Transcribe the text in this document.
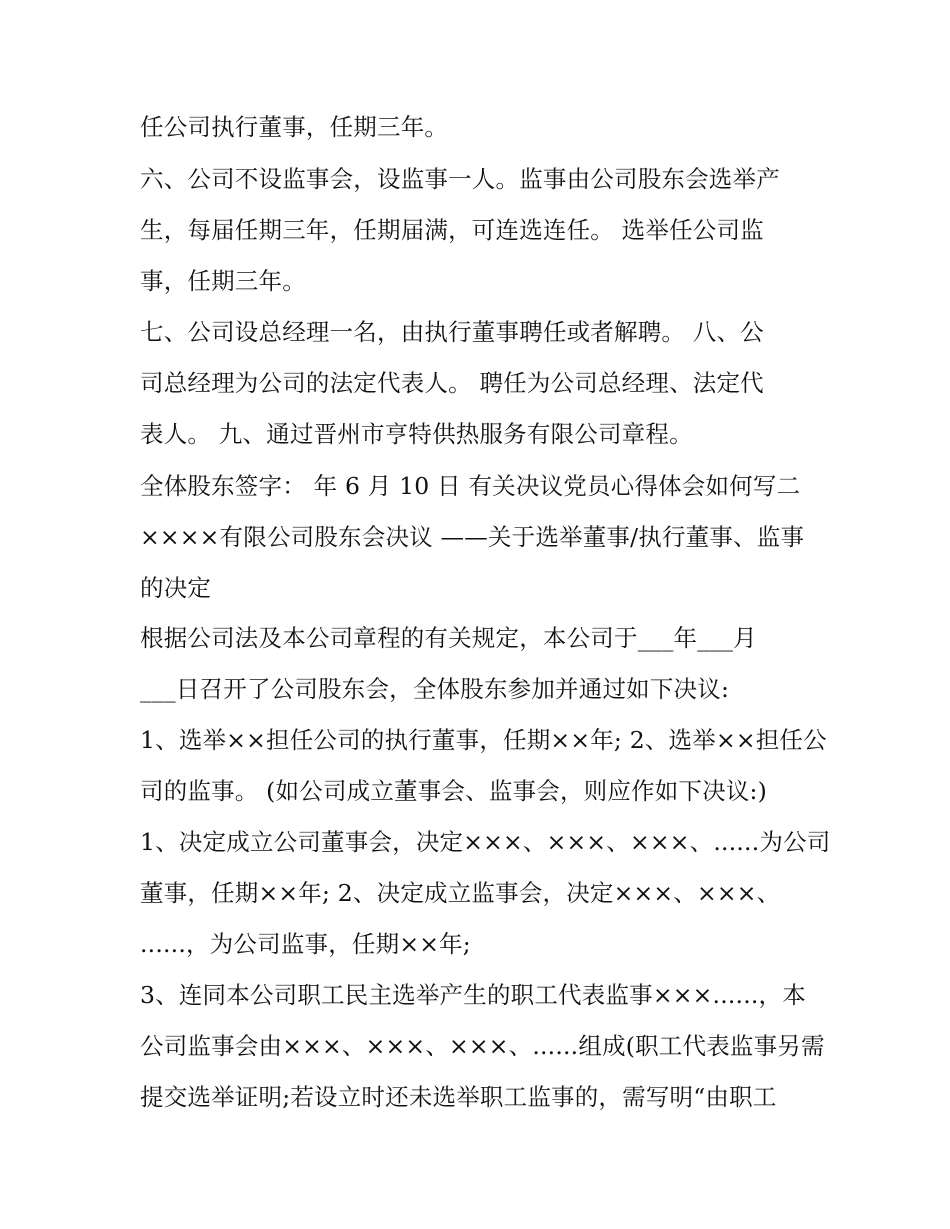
任公司执行董事，任期三年。
六、公司不设监事会，设监事一人。监事由公司股东会选举产
生，每届任期三年，任期届满，可连选连任。 选举任公司监
事，任期三年。
七、公司设总经理一名，由执行董事聘任或者解聘。 八、公
司总经理为公司的法定代表人。 聘任为公司总经理、法定代
表人。 九、通过晋州市亨特供热服务有限公司章程。
全体股东签字： 年 6 月 10 日 有关决议党员心得体会如何写二
××××有限公司股东会决议 ——关于选举董事/执行董事、监事
的决定
根据公司法及本公司章程的有关规定，本公司于___年___月
___日召开了公司股东会，全体股东参加并通过如下决议:
1、选举××担任公司的执行董事，任期××年; 2、选举××担任公
司的监事。 (如公司成立董事会、监事会，则应作如下决议:)
1、决定成立公司董事会，决定×××、×××、×××、......为公司
董事，任期××年; 2、决定成立监事会，决定×××、×××、
......，为公司监事，任期××年;
3、连同本公司职工民主选举产生的职工代表监事×××......，本
公司监事会由×××、×××、×××、......组成(职工代表监事另需
提交选举证明;若设立时还未选举职工监事的，需写明“由职工
